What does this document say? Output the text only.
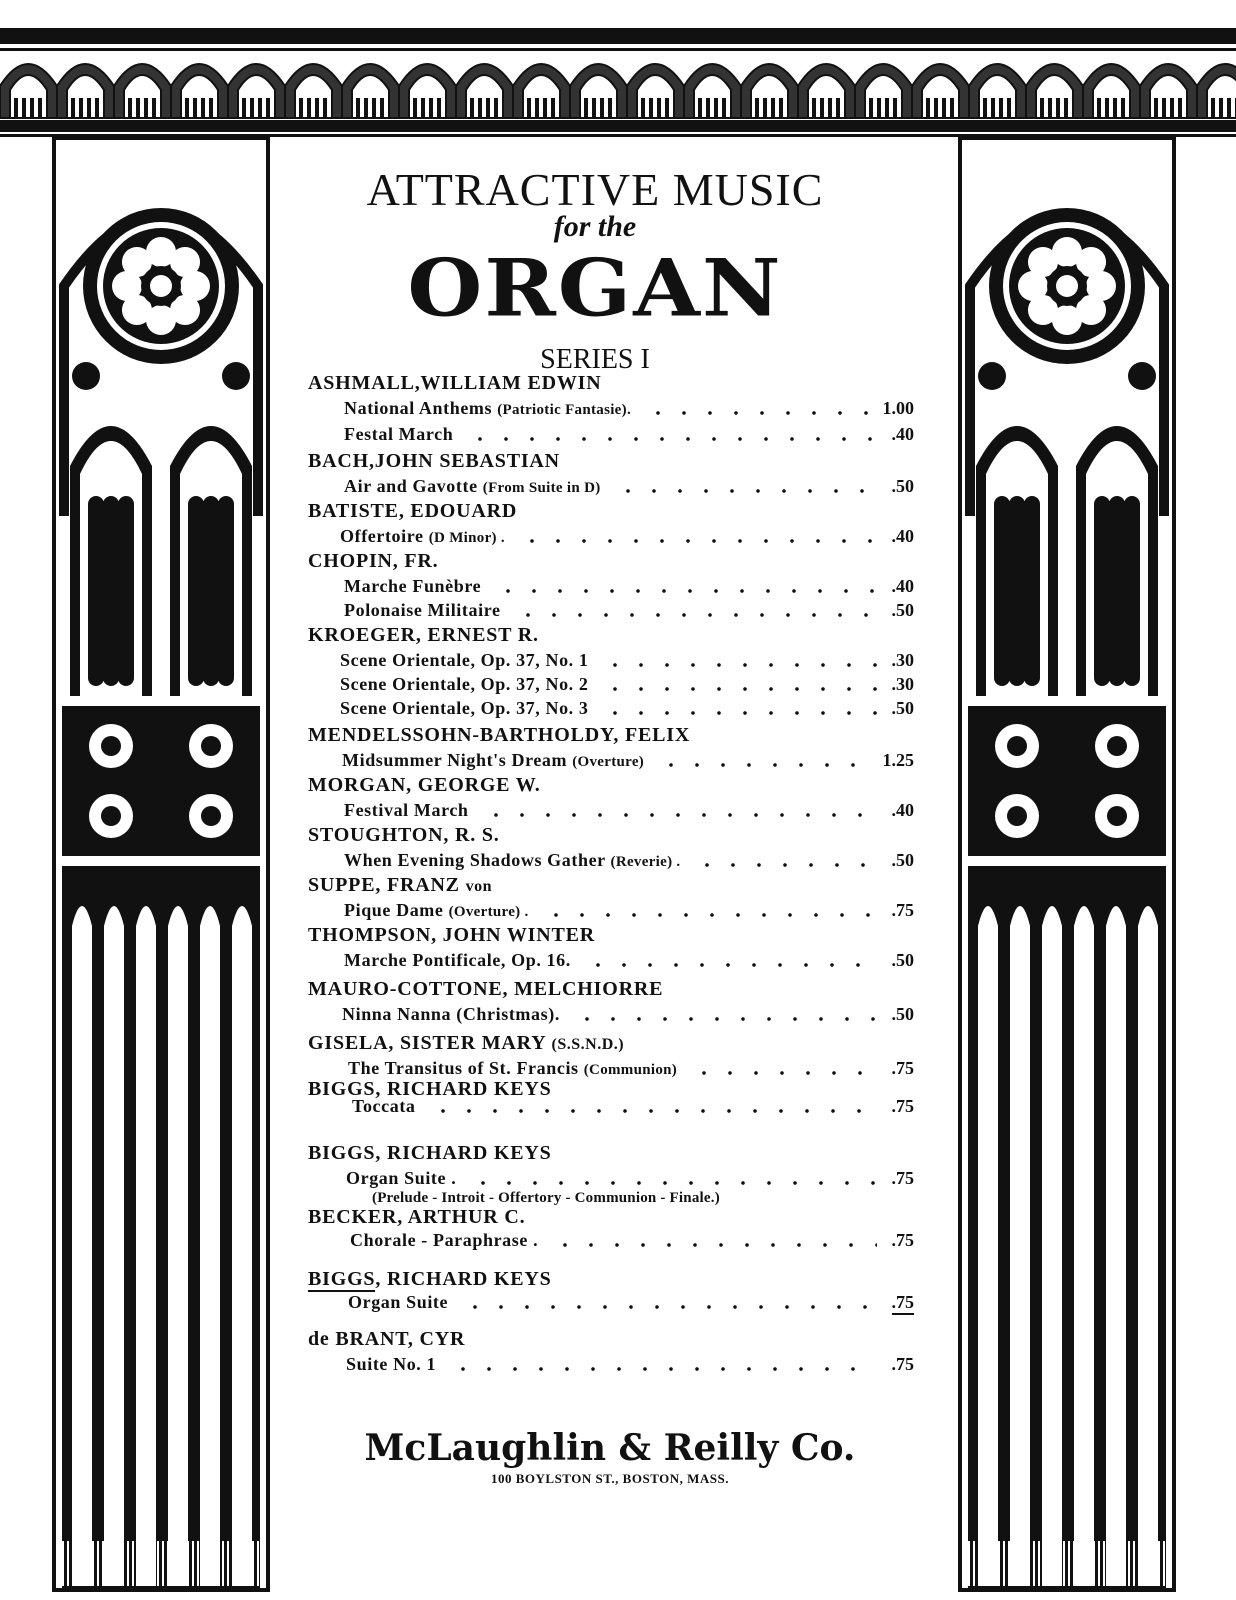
ATTRACTIVE MUSIC
for the
ORGAN
SERIES I
ASHMALL,WILLIAM EDWIN
National Anthems (Patriotic Fantasie).	1.00
Festal March	.40
BACH,JOHN SEBASTIAN
Air and Gavotte (From Suite in D)	.50
BATISTE, EDOUARD
Offertoire (D Minor) .	.40
CHOPIN, FR.
Marche Funèbre	.40
Polonaise Militaire	.50
KROEGER, ERNEST R.
Scene Orientale, Op. 37, No. 1	.30
Scene Orientale, Op. 37, No. 2	.30
Scene Orientale, Op. 37, No. 3	.50
MENDELSSOHN-BARTHOLDY, FELIX
Midsummer Night's Dream (Overture)	1.25
MORGAN, GEORGE W.
Festival March	.40
STOUGHTON, R. S.
When Evening Shadows Gather (Reverie) .	.50
SUPPE, FRANZ von
Pique Dame (Overture) .	.75
THOMPSON, JOHN WINTER
Marche Pontificale, Op. 16.	.50
MAURO-COTTONE, MELCHIORRE
Ninna Nanna (Christmas).	.50
GISELA, SISTER MARY (S.S.N.D.)
The Transitus of St. Francis (Communion)	.75
BIGGS, RICHARD KEYS
Toccata	.75
BIGGS, RICHARD KEYS
Organ Suite .	.75
(Prelude - Introit - Offertory - Communion - Finale.)
BECKER, ARTHUR C.
Chorale - Paraphrase .	.75
BIGGS, RICHARD KEYS
Organ Suite	.75
de BRANT, CYR
Suite No. 1	.75
McLaughlin & Reilly Co.
100 BOYLSTON ST., BOSTON, MASS.
